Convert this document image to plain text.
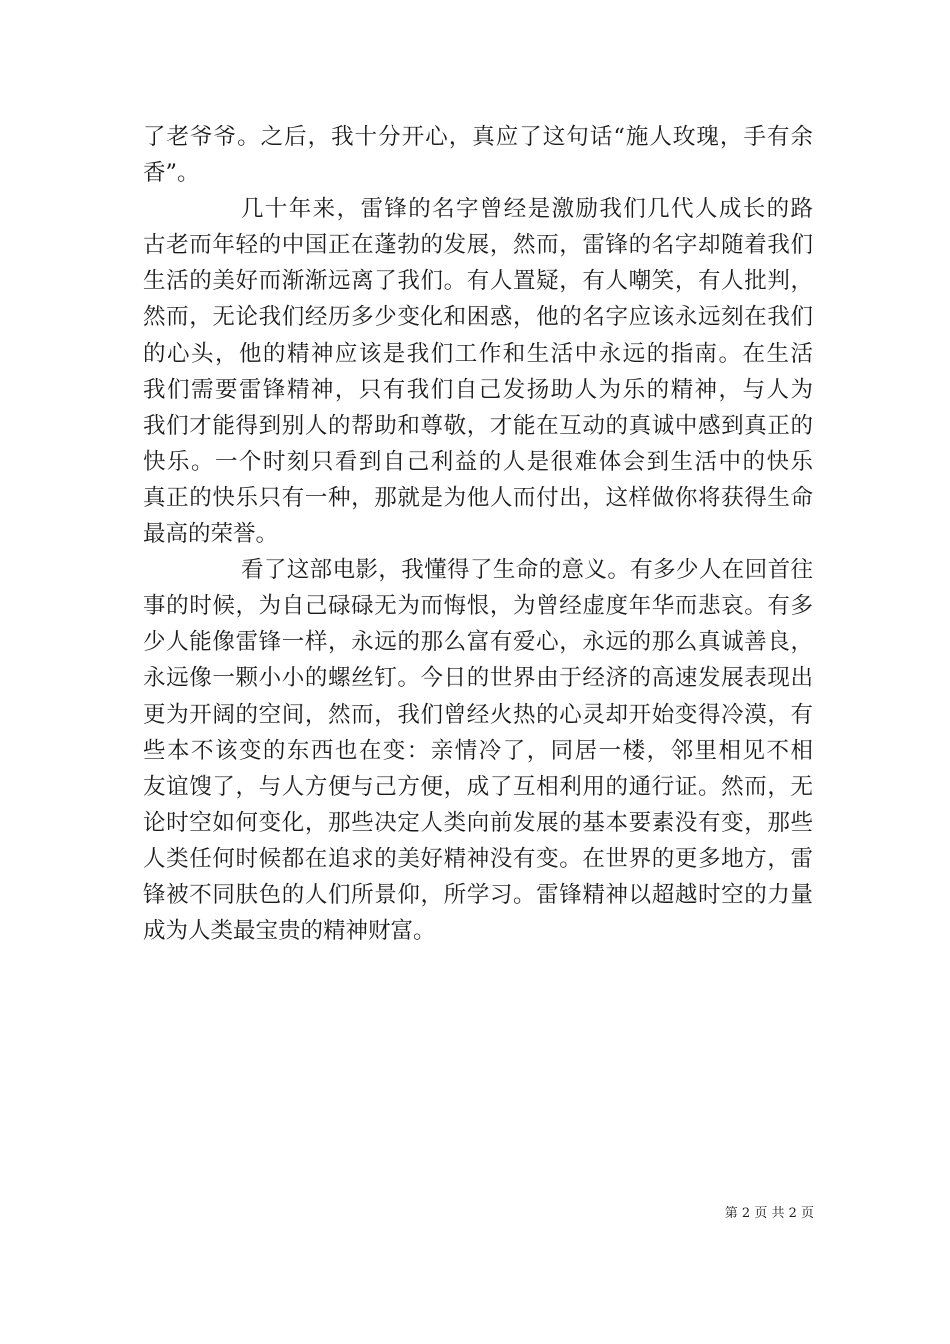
了老爷爷。之后，我十分开心，真应了这句话“施人玫瑰，手有余
香”。
几十年来，雷锋的名字曾经是激励我们几代人成长的路
古老而年轻的中国正在蓬勃的发展，然而，雷锋的名字却随着我们
生活的美好而渐渐远离了我们。有人置疑，有人嘲笑，有人批判，
然而，无论我们经历多少变化和困惑，他的名字应该永远刻在我们
的心头，他的精神应该是我们工作和生活中永远的指南。在生活
我们需要雷锋精神，只有我们自己发扬助人为乐的精神，与人为
我们才能得到别人的帮助和尊敬，才能在互动的真诚中感到真正的
快乐。一个时刻只看到自己利益的人是很难体会到生活中的快乐
真正的快乐只有一种，那就是为他人而付出，这样做你将获得生命
最高的荣誉。
看了这部电影，我懂得了生命的意义。有多少人在回首往
事的时候，为自己碌碌无为而悔恨，为曾经虚度年华而悲哀。有多
少人能像雷锋一样，永远的那么富有爱心，永远的那么真诚善良，
永远像一颗小小的螺丝钉。今日的世界由于经济的高速发展表现出
更为开阔的空间，然而，我们曾经火热的心灵却开始变得冷漠，有
些本不该变的东西也在变：亲情冷了，同居一楼，邻里相见不相
友谊馊了，与人方便与己方便，成了互相利用的通行证。然而，无
论时空如何变化，那些决定人类向前发展的基本要素没有变，那些
人类任何时候都在追求的美好精神没有变。在世界的更多地方，雷
锋被不同肤色的人们所景仰，所学习。雷锋精神以超越时空的力量
成为人类最宝贵的精神财富。
第 2 页 共 2 页
